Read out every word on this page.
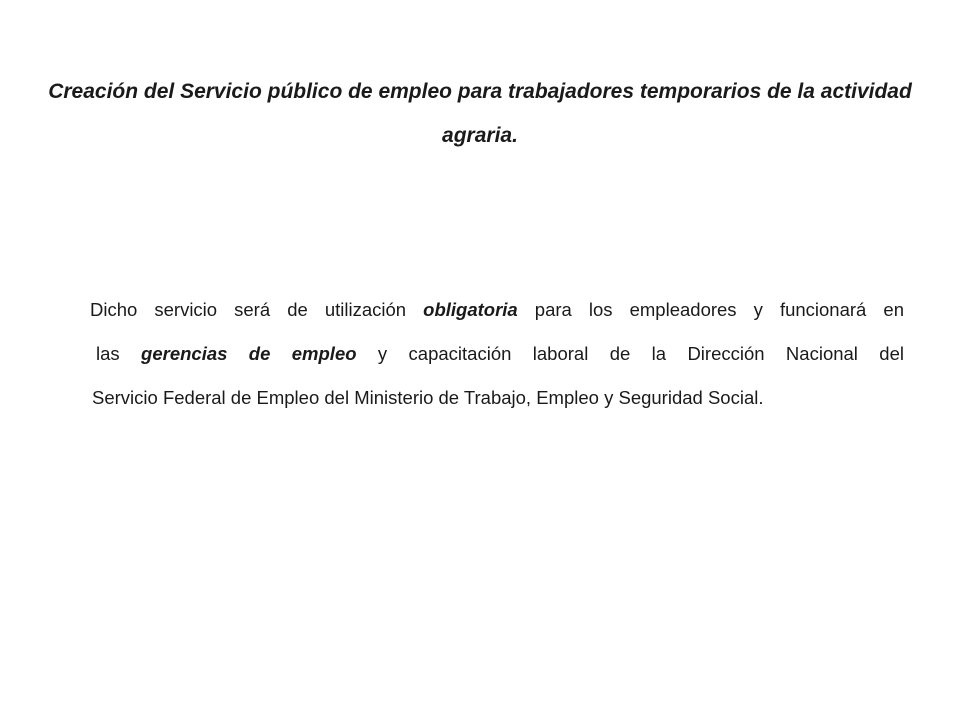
Creación del Servicio público de empleo para trabajadores temporarios de la actividad agraria.

Dicho servicio será de utilización obligatoria para los empleadores y funcionará en
las gerencias de empleo y capacitación laboral de la Dirección Nacional del
Servicio Federal de Empleo del Ministerio de Trabajo, Empleo y Seguridad Social.
